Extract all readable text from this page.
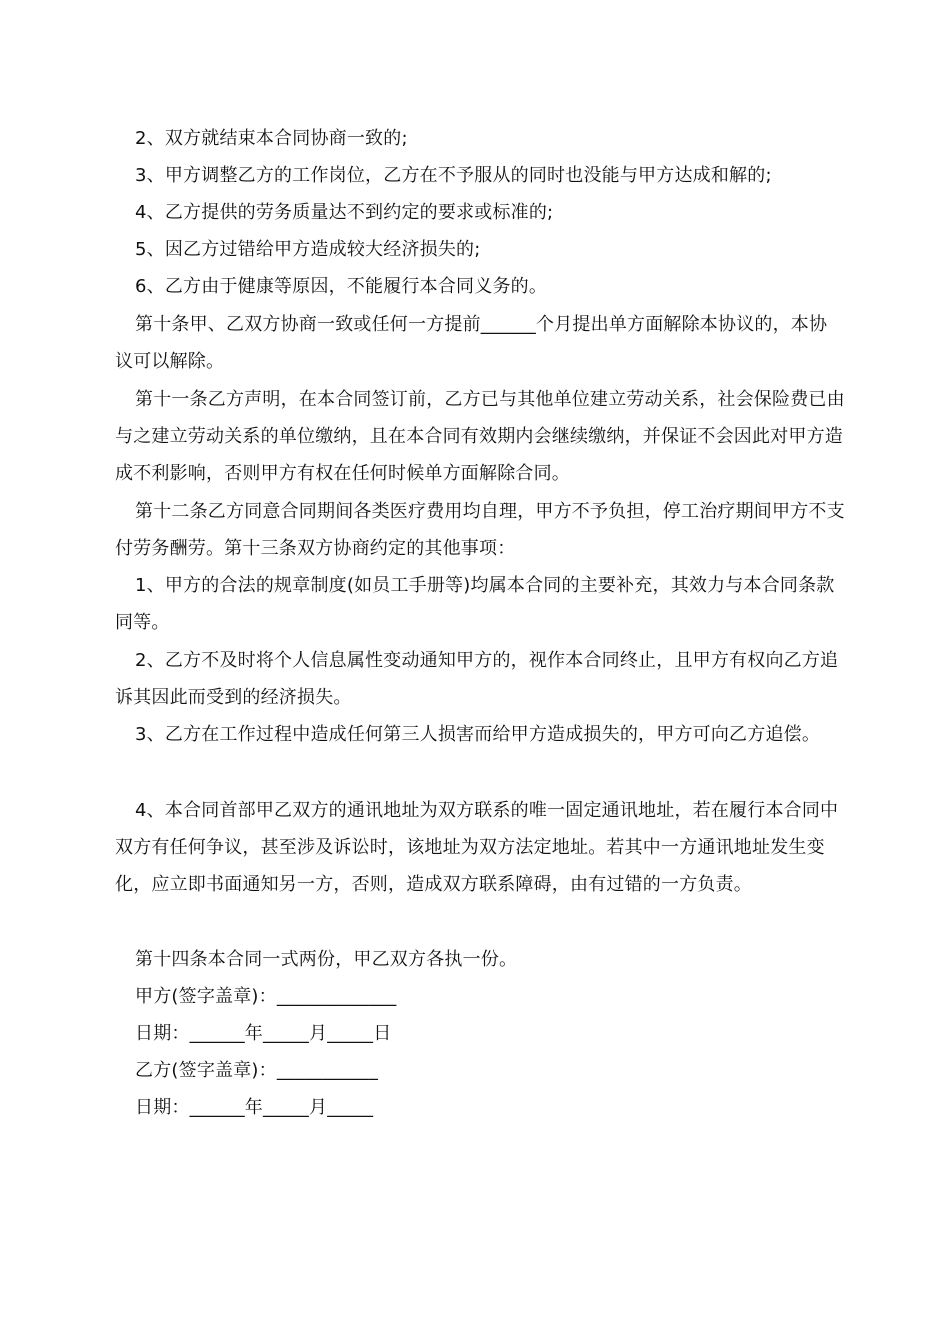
2、双方就结束本合同协商一致的;
3、甲方调整乙方的工作岗位，乙方在不予服从的同时也没能与甲方达成和解的;
4、乙方提供的劳务质量达不到约定的要求或标准的;
5、因乙方过错给甲方造成较大经济损失的;
6、乙方由于健康等原因，不能履行本合同义务的。
第十条甲、乙双方协商一致或任何一方提前______个月提出单方面解除本协议的，本协议可以解除。
第十一条乙方声明，在本合同签订前，乙方已与其他单位建立劳动关系，社会保险费已由与之建立劳动关系的单位缴纳，且在本合同有效期内会继续缴纳，并保证不会因此对甲方造成不利影响，否则甲方有权在任何时候单方面解除合同。
第十二条乙方同意合同期间各类医疗费用均自理，甲方不予负担，停工治疗期间甲方不支付劳务酬劳。第十三条双方协商约定的其他事项：
1、甲方的合法的规章制度(如员工手册等)均属本合同的主要补充，其效力与本合同条款同等。
2、乙方不及时将个人信息属性变动通知甲方的，视作本合同终止，且甲方有权向乙方追诉其因此而受到的经济损失。
3、乙方在工作过程中造成任何第三人损害而给甲方造成损失的，甲方可向乙方追偿。
4、本合同首部甲乙双方的通讯地址为双方联系的唯一固定通讯地址，若在履行本合同中双方有任何争议，甚至涉及诉讼时，该地址为双方法定地址。若其中一方通讯地址发生变化，应立即书面通知另一方，否则，造成双方联系障碍，由有过错的一方负责。
第十四条本合同一式两份，甲乙双方各执一份。
甲方(签字盖章)：_____________
日期：______年_____月_____日
乙方(签字盖章)：___________
日期：______年_____月_____
